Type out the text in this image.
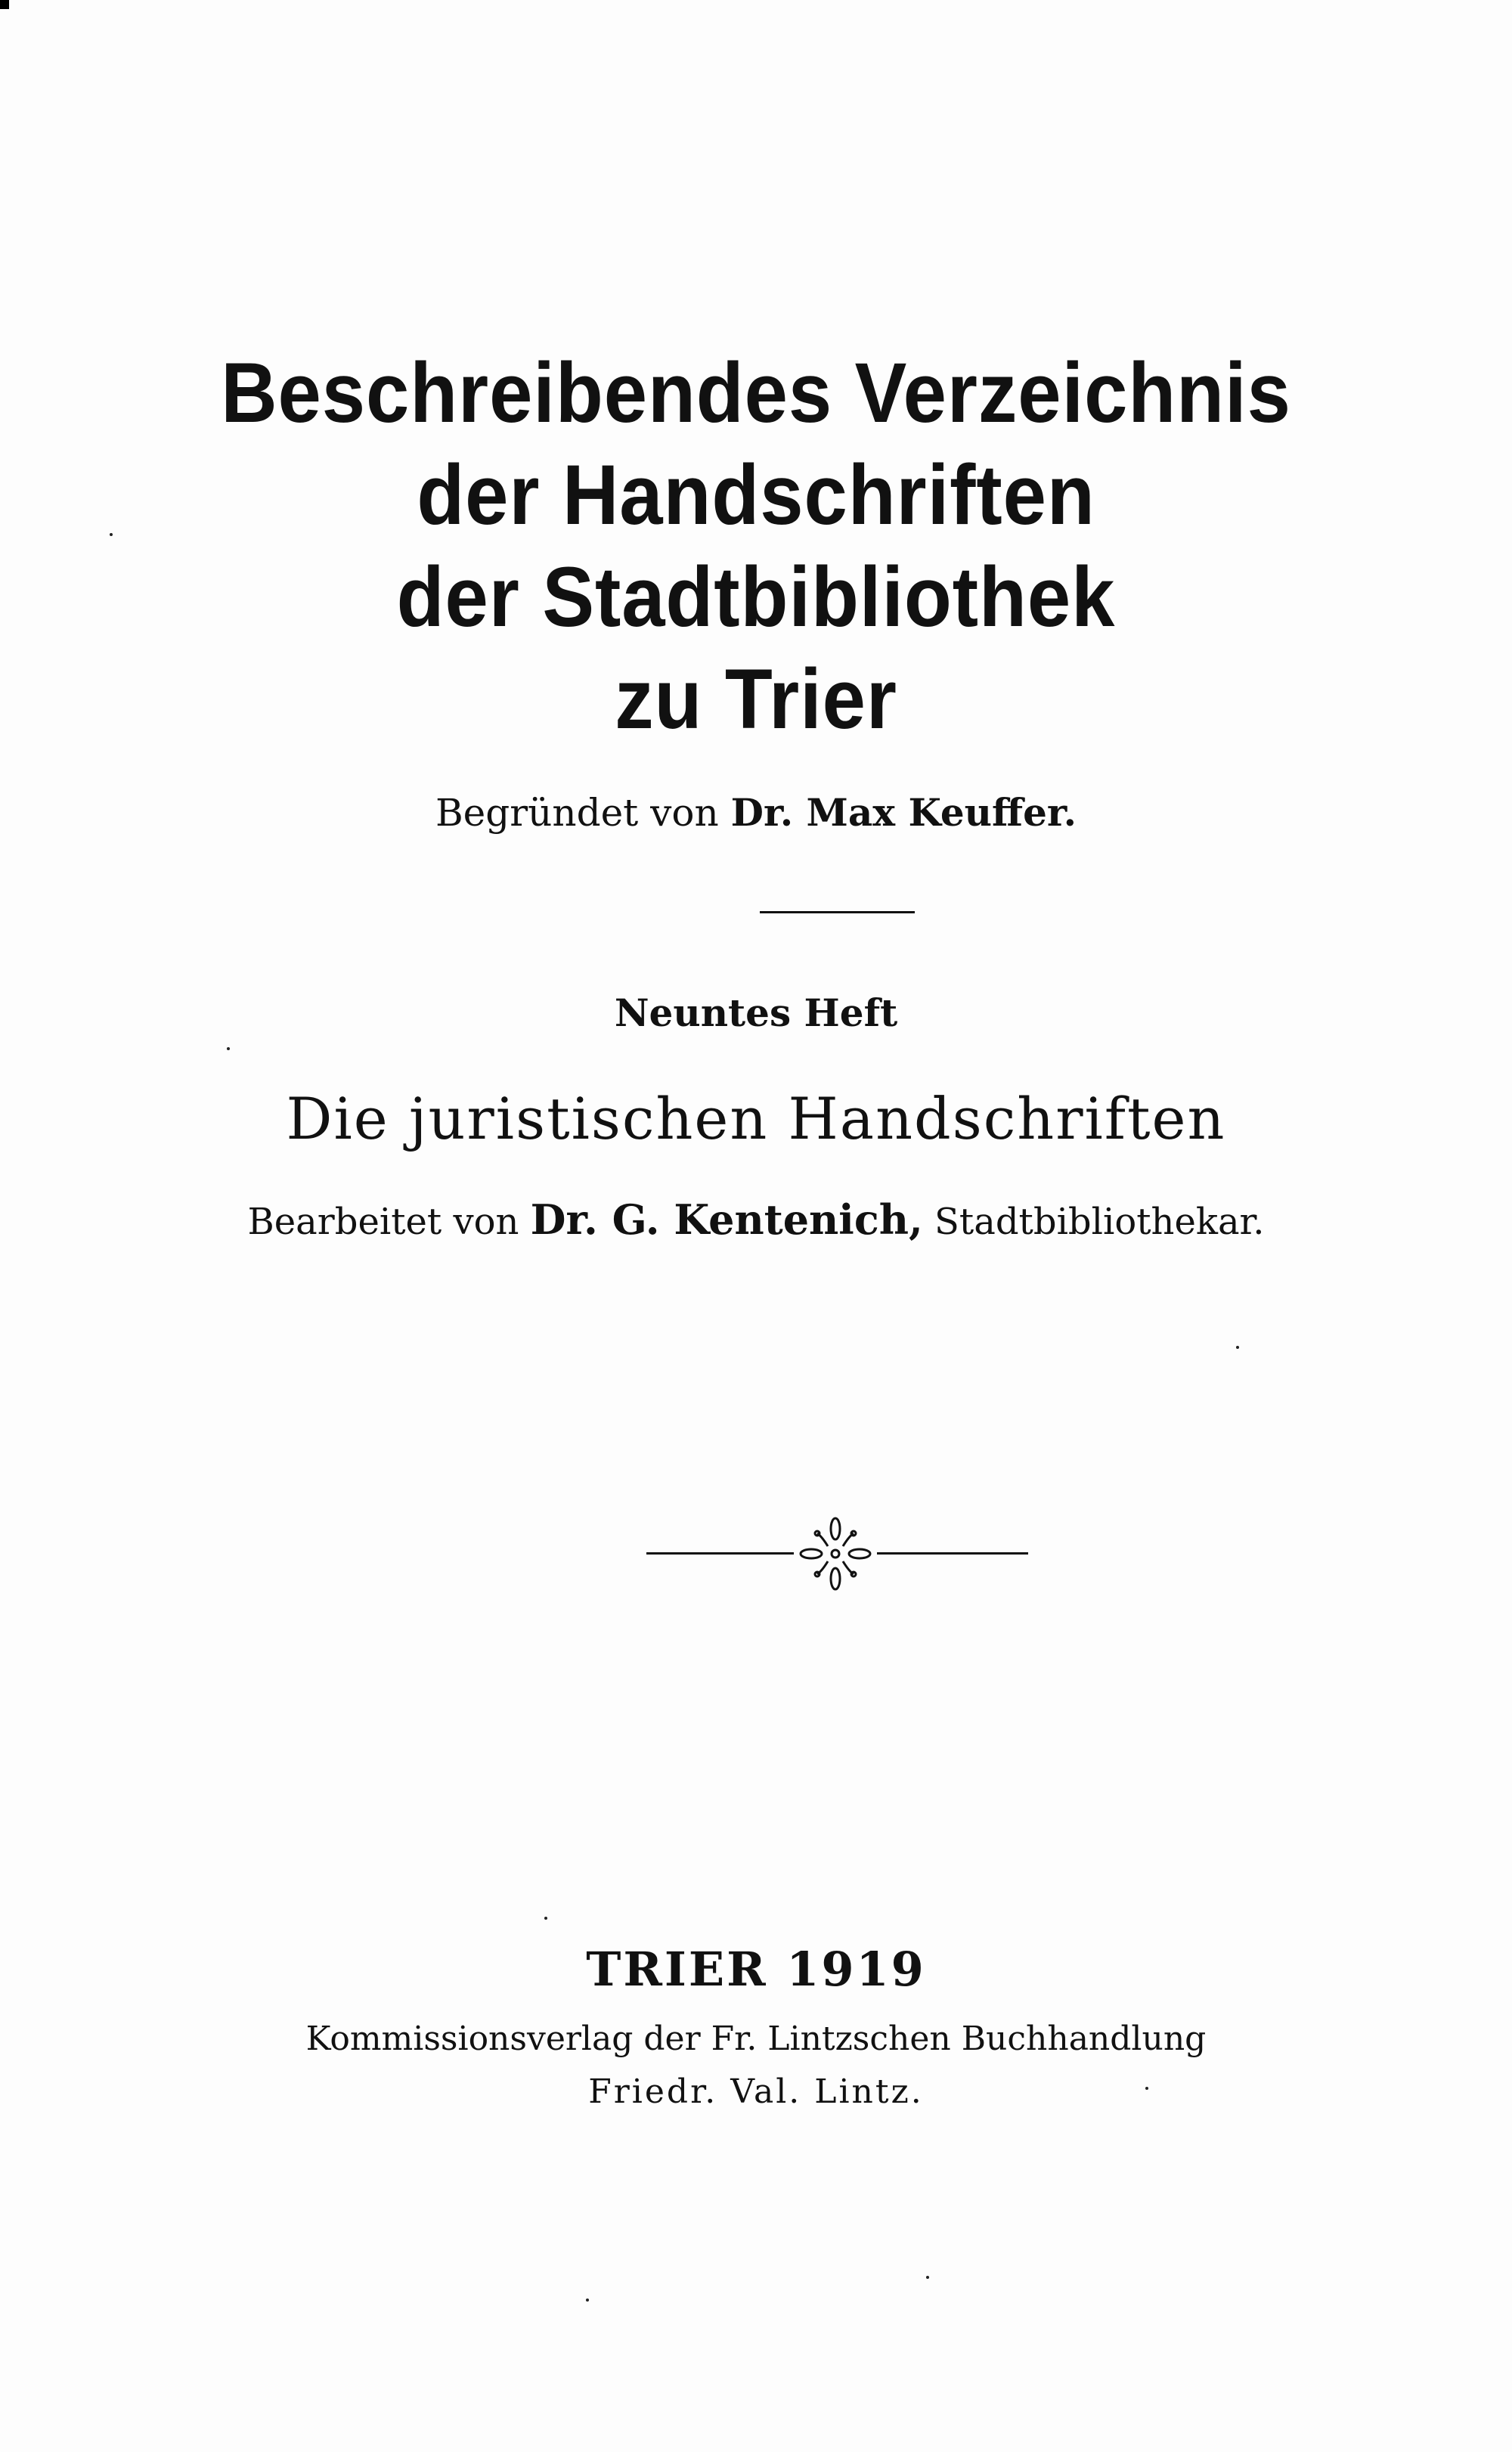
Beschreibendes Verzeichnis
der Handschriften
der Stadtbibliothek
zu Trier
Begründet von Dr. Max Keuffer.
Neuntes Heft
Die juristischen Handschriften
Bearbeitet von Dr. G. Kentenich, Stadtbibliothekar.
TRIER 1919
Kommissionsverlag der Fr. Lintzschen Buchhandlung
Friedr. Val. Lintz.
